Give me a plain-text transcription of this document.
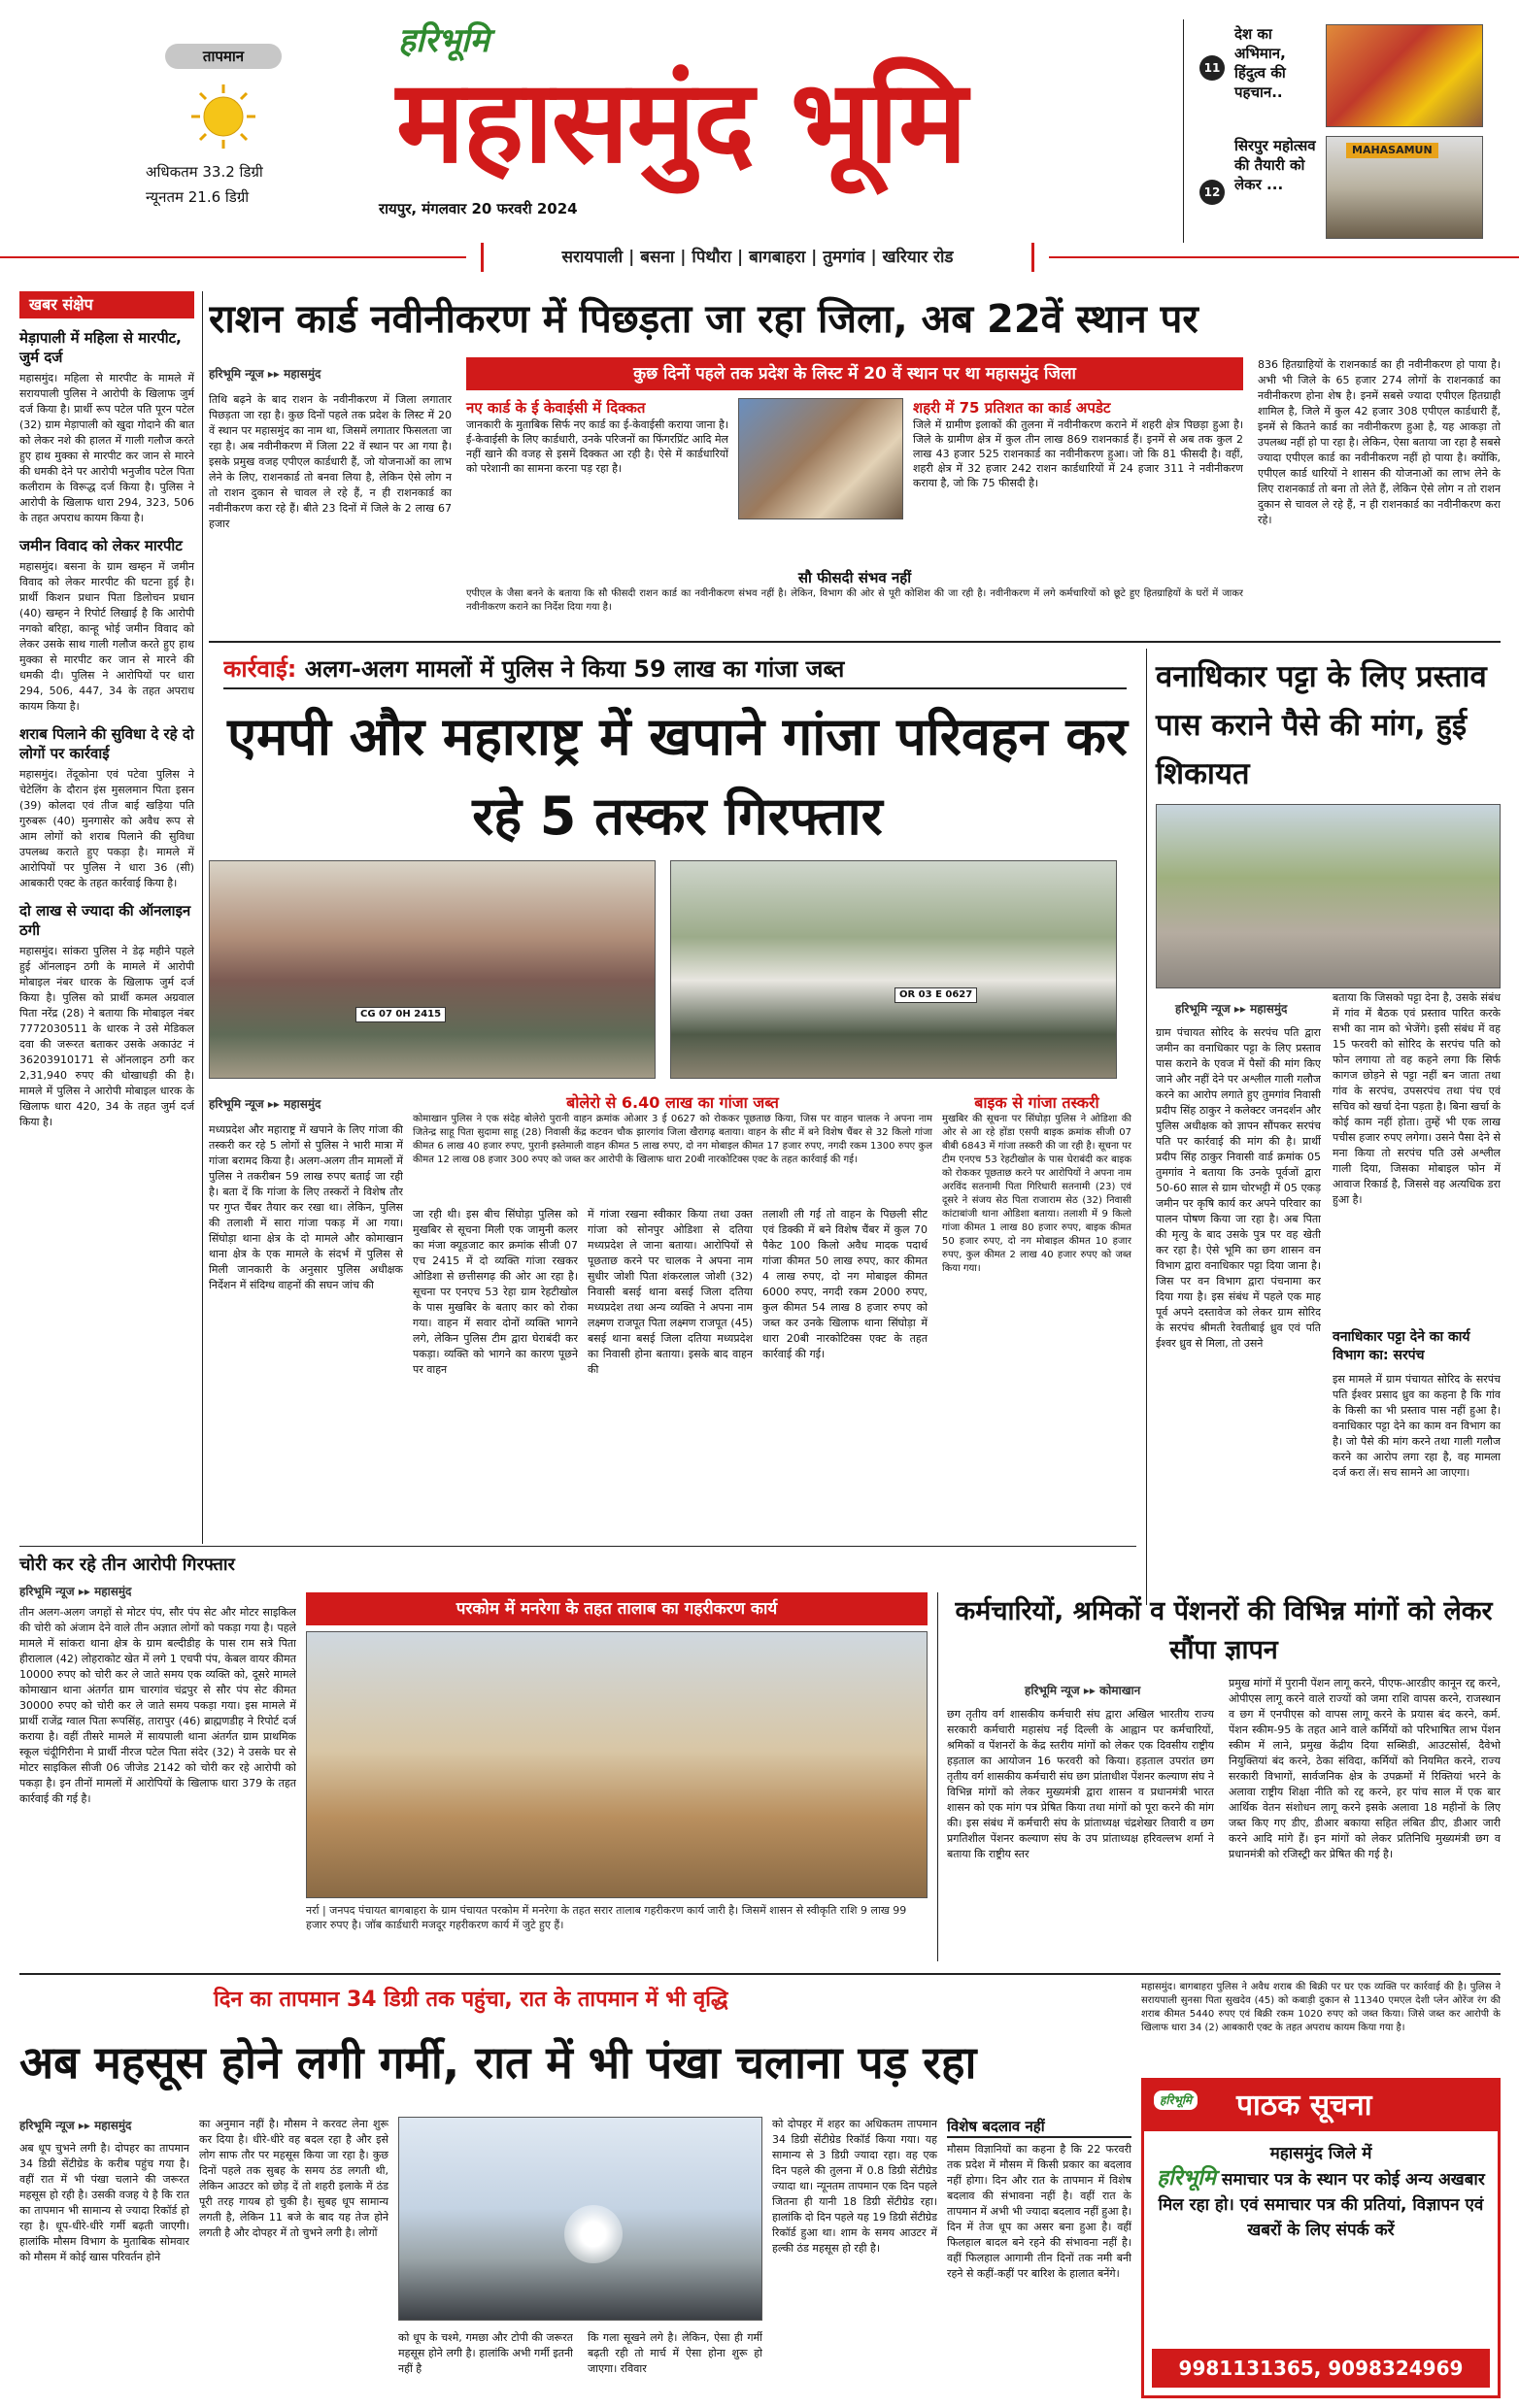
तापमान
अधिकतम 33.2 डिग्री
न्यूनतम 21.6 डिग्री
हरिभूमि
महासमुंद भूमि
रायपुर, मंगलवार 20 फरवरी 2024
11
देश का अभिमान, हिंदुत्व की पहचान..
12
सिरपुर महोत्सव की तैयारी को लेकर ...
MAHASAMUN
सरायपाली | बसना | पिथौरा | बागबाहरा | तुमगांव | खरियार रोड
खबर संक्षेप
मेड़ापाली में महिला से मारपीट, जुर्म दर्ज
महासमुंद। महिला से मारपीट के मामले में सरायपाली पुलिस ने आरोपी के खिलाफ जुर्म दर्ज किया है। प्रार्थी रूप पटेल पति पूरन पटेल (32) ग्राम मेड़ापाली को खुदा गोदाने की बात को लेकर नशे की हालत में गाली गलौज करते हुए हाथ मुक्का से मारपीट कर जान से मारने की धमकी देने पर आरोपी भनुजीव पटेल पिता कलीराम के विरूद्ध दर्ज किया है। पुलिस ने आरोपी के खिलाफ धारा 294, 323, 506 के तहत अपराध कायम किया है।
जमीन विवाद को लेकर मारपीट
महासमुंद। बसना के ग्राम खम्हन में जमीन विवाद को लेकर मारपीट की घटना हुई है। प्रार्थी किशन प्रधान पिता डिलोचन प्रधान (40) खम्हन ने रिपोर्ट लिखाई है कि आरोपी नगको बरिहा, कान्हू भोई जमीन विवाद को लेकर उसके साथ गाली गलौज करते हुए हाथ मुक्का से मारपीट कर जान से मारने की धमकी दी। पुलिस ने आरोपियों पर धारा 294, 506, 447, 34 के तहत अपराध कायम किया है।
शराब पिलाने की सुविधा दे रहे दो लोगों पर कार्रवाई
महासमुंद। तेंदूकोना एवं पटेवा पुलिस ने चेटेलिंग के दौरान इंस मुसलमान पिता इसन (39) कोलदा एवं तीज बाई खड़िया पति गुरुबरू (40) मुनगासेर को अवैध रूप से आम लोगों को शराब पिलाने की सुविधा उपलब्ध कराते हुए पकड़ा है। मामले में आरोपियों पर पुलिस ने धारा 36 (सी) आबकारी एक्ट के तहत कार्रवाई किया है।
दो लाख से ज्यादा की ऑनलाइन ठगी
महासमुंद। सांकरा पुलिस ने डेढ़ महीने पहले हुई ऑनलाइन ठगी के मामले में आरोपी मोबाइल नंबर धारक के खिलाफ जुर्म दर्ज किया है। पुलिस को प्रार्थी कमल अग्रवाल पिता नरेंद्र (28) ने बताया कि मोबाइल नंबर 7772030511 के धारक ने उसे मेडिकल दवा की जरूरत बताकर उसके अकाउंट नं 36203910171 से ऑनलाइन ठगी कर 2,31,940 रुपए की धोखाधड़ी की है। मामले में पुलिस ने आरोपी मोबाइल धारक के खिलाफ धारा 420, 34 के तहत जुर्म दर्ज किया है।
राशन कार्ड नवीनीकरण में पिछड़ता जा रहा जिला, अब 22वें स्थान पर
हरिभूमि न्यूज ▸▸ महासमुंद
तिथि बढ़ने के बाद राशन के नवीनीकरण में जिला लगातार पिछड़ता जा रहा है। कुछ दिनों पहले तक प्रदेश के लिस्ट में 20 वें स्थान पर महासमुंद का नाम था, जिसमें लगातार फिसलता जा रहा है। अब नवीनीकरण में जिला 22 वें स्थान पर आ गया है। इसके प्रमुख वजह एपीएल कार्डधारी हैं, जो योजनाओं का लाभ लेने के लिए, राशनकार्ड तो बनवा लिया है, लेकिन ऐसे लोग न तो राशन दुकान से चावल ले रहे हैं, न ही राशनकार्ड का नवीनीकरण करा रहे हैं। बीते 23 दिनों में जिले के 2 लाख 67 हजार
कुछ दिनों पहले तक प्रदेश के लिस्ट में 20 वें स्थान पर था महासमुंद जिला
नए कार्ड के ई केवाईसी में दिक्कत
जानकारी के मुताबिक सिर्फ नए कार्ड का ई-केवाईसी कराया जाना है। ई-केवाईसी के लिए कार्डधारी, उनके परिजनों का फिंगरप्रिंट आदि मेल नहीं खाने की वजह से इसमें दिक्कत आ रही है। ऐसे में कार्डधारियों को परेशानी का सामना करना पड़ रहा है।
शहरी में 75 प्रतिशत का कार्ड अपडेट
जिले में ग्रामीण इलाकों की तुलना में नवीनीकरण कराने में शहरी क्षेत्र पिछड़ा हुआ है। जिले के ग्रामीण क्षेत्र में कुल तीन लाख 869 राशनकार्ड हैं। इनमें से अब तक कुल 2 लाख 43 हजार 525 राशनकार्ड का नवीनीकरण हुआ। जो कि 81 फीसदी है। वहीं, शहरी क्षेत्र में 32 हजार 242 राशन कार्डधारियों में 24 हजार 311 ने नवीनीकरण कराया है, जो कि 75 फीसदी है।
सौ फीसदी संभव नहीं
एपीएल के जैसा बनने के बताया कि सौ फीसदी राशन कार्ड का नवीनीकरण संभव नहीं है। लेकिन, विभाग की ओर से पूरी कोशिश की जा रही है। नवीनीकरण में लगे कर्मचारियों को छूटे हुए हितग्राहियों के घरों में जाकर नवीनीकरण कराने का निर्देश दिया गया है।
836 हितग्राहियों के राशनकार्ड का ही नवीनीकरण हो पाया है। अभी भी जिले के 65 हजार 274 लोगों के राशनकार्ड का नवीनीकरण होना शेष है। इनमें सबसे ज्यादा एपीएल हितग्राही शामिल है, जिले में कुल 42 हजार 308 एपीएल कार्डधारी हैं, इनमें से कितने कार्ड का नवीनीकरण हुआ है, यह आकड़ा तो उपलब्ध नहीं हो पा रहा है। लेकिन, ऐसा बताया जा रहा है सबसे ज्यादा एपीएल कार्ड का नवीनीकरण नहीं हो पाया है। क्योंकि, एपीएल कार्ड धारियों ने शासन की योजनाओं का लाभ लेने के लिए राशनकार्ड तो बना तो लेते हैं, लेकिन ऐसे लोग न तो राशन दुकान से चावल ले रहे हैं, न ही राशनकार्ड का नवीनीकरण करा रहे।
कार्रवाई: अलग-अलग मामलों में पुलिस ने किया 59 लाख का गांजा जब्त
एमपी और महाराष्ट्र में खपाने गांजा परिवहन कर रहे 5 तस्कर गिरफ्तार
CG 07 0H 2415
OR 03 E 0627
हरिभूमि न्यूज ▸▸ महासमुंद
मध्यप्रदेश और महाराष्ट्र में खपाने के लिए गांजा की तस्करी कर रहे 5 लोगों से पुलिस ने भारी मात्रा में गांजा बरामद किया है। अलग-अलग तीन मामलों में पुलिस ने तकरीबन 59 लाख रुपए बताई जा रही है। बता दें कि गांजा के लिए तस्करों ने विशेष तौर पर गुप्त चैंबर तैयार कर रखा था। लेकिन, पुलिस की तलाशी में सारा गांजा पकड़ में आ गया। सिंघोड़ा थाना क्षेत्र के दो मामले और कोमाखान थाना क्षेत्र के एक मामले के संदर्भ में पुलिस से मिली जानकारी के अनुसार पुलिस अधीक्षक निर्देशन में संदिग्ध वाहनों की सघन जांच की
बोलेरो से 6.40 लाख का गांजा जब्त
कोमाखान पुलिस ने एक संदेह बोलेरो पुरानी वाहन क्रमांक ओआर 3 ई 0627 को रोककर पूछताछ किया, जिस पर वाहन चालक ने अपना नाम जितेन्द्र साहू पिता सुदामा साहू (28) निवासी केंद्र कटवन चौक झारगांव जिला खैरागढ़ बताया। वाहन के सीट में बने विशेष चैंबर से 32 किलो गांजा कीमत 6 लाख 40 हजार रुपए, पुरानी इस्तेमाली वाहन कीमत 5 लाख रुपए, दो नग मोबाइल कीमत 17 हजार रुपए, नगदी रकम 1300 रुपए कुल कीमत 12 लाख 08 हजार 300 रुपए को जब्त कर आरोपी के खिलाफ धारा 20बी नारकोटिक्स एक्ट के तहत कार्रवाई की गई।
जा रही थी। इस बीच सिंघोड़ा पुलिस को मुखबिर से सूचना मिली एक जामुनी कलर का मंजा क्यूडजाट कार क्रमांक सीजी 07 एच 2415 में दो व्यक्ति गांजा रखकर ओडिशा से छत्तीसगढ़ की ओर आ रहा है। सूचना पर एनएच 53 रेहा ग्राम रेहटीखोल के पास मुखबिर के बताए कार को रोका गया। वाहन में सवार दोनों व्यक्ति भागने लगे, लेकिन पुलिस टीम द्वारा घेराबंदी कर पकड़ा। व्यक्ति को भागने का कारण पूछने पर वाहन
में गांजा रखना स्वीकार किया तथा उक्त गांजा को सोनपुर ओडिशा से दतिया मध्यप्रदेश ले जाना बताया। आरोपियों से पूछताछ करने पर चालक ने अपना नाम सुधीर जोशी पिता शंकरलाल जोशी (32) निवासी बसई थाना बसई जिला दतिया मध्यप्रदेश तथा अन्य व्यक्ति ने अपना नाम लक्ष्मण राजपूत पिता लक्ष्मण राजपूत (45) बसई थाना बसई जिला दतिया मध्यप्रदेश का निवासी होना बताया। इसके बाद वाहन की
तलाशी ली गई तो वाहन के पिछली सीट एवं डिक्की में बने विशेष चैंबर में कुल 70 पैकेट 100 किलो अवैध मादक पदार्थ गांजा कीमत 50 लाख रुपए, कार कीमत 4 लाख रुपए, दो नग मोबाइल कीमत 6000 रुपए, नगदी रकम 2000 रुपए, कुल कीमत 54 लाख 8 हजार रुपए को जब्त कर उनके खिलाफ थाना सिंघोड़ा में धारा 20बी नारकोटिक्स एक्ट के तहत कार्रवाई की गई।
बाइक से गांजा तस्करी
मुखबिर की सूचना पर सिंघोड़ा पुलिस ने ओडिशा की ओर से आ रहे होंडा एसपी बाइक क्रमांक सीजी 07 बीबी 6843 में गांजा तस्करी की जा रही है। सूचना पर टीम एनएच 53 रेहटीखोल के पास घेराबंदी कर बाइक को रोककर पूछताछ करने पर आरोपियों ने अपना नाम अरविंद सतनामी पिता गिरिधारी सतनामी (23) एवं दूसरे ने संजय सेठ पिता राजाराम सेठ (32) निवासी कांटाबांजी थाना ओडिशा बताया। तलाशी में 9 किलो गांजा कीमत 1 लाख 80 हजार रुपए, बाइक कीमत 50 हजार रुपए, दो नग मोबाइल कीमत 10 हजार रुपए, कुल कीमत 2 लाख 40 हजार रुपए को जब्त किया गया।
वनाधिकार पट्टा के लिए प्रस्ताव पास कराने पैसे की मांग, हुई शिकायत
हरिभूमि न्यूज ▸▸ महासमुंद
ग्राम पंचायत सोरिद के सरपंच पति द्वारा जमीन का वनाधिकार पट्टा के लिए प्रस्ताव पास कराने के एवज में पैसों की मांग किए जाने और नहीं देने पर अश्लील गाली गलौज करने का आरोप लगाते हुए तुमगांव निवासी प्रदीप सिंह ठाकुर ने कलेक्टर जनदर्शन और पुलिस अधीक्षक को ज्ञापन सौंपकर सरपंच पति पर कार्रवाई की मांग की है। प्रार्थी प्रदीप सिंह ठाकुर निवासी वार्ड क्रमांक 05 तुमगांव ने बताया कि उनके पूर्वजों द्वारा 50-60 साल से ग्राम चोरभट्टी में 05 एकड़ जमीन पर कृषि कार्य कर अपने परिवार का पालन पोषण किया जा रहा है। अब पिता की मृत्यु के बाद उसके पुत्र पर वह खेती कर रहा है। ऐसे भूमि का छग शासन वन विभाग द्वारा वनाधिकार पट्टा दिया जाना है। जिस पर वन विभाग द्वारा पंचनामा कर दिया गया है। इस संबंध में पहले एक माह पूर्व अपने दस्तावेज को लेकर ग्राम सोरिद के सरपंच श्रीमती रेवतीबाई ध्रुव एवं पति ईश्वर ध्रुव से मिला, तो उसने
बताया कि जिसको पट्टा देना है, उसके संबंध में गांव में बैठक एवं प्रस्ताव पारित करके सभी का नाम को भेजेंगे। इसी संबंध में वह 15 फरवरी को सोरिद के सरपंच पति को फोन लगाया तो वह कहने लगा कि सिर्फ कागज छोड़ने से पट्टा नहीं बन जाता तथा गांव के सरपंच, उपसरपंच तथा पंच एवं सचिव को खर्चा देना पड़ता है। बिना खर्चा के कोई काम नहीं होता। तुम्हें भी एक लाख पचीस हजार रुपए लगेगा। उसने पैसा देने से मना किया तो सरपंच पति उसे अश्लील गाली दिया, जिसका मोबाइल फोन में आवाज रिकार्ड है, जिससे वह अत्यधिक डरा हुआ है।
वनाधिकार पट्टा देने का कार्य विभाग का: सरपंच
इस मामले में ग्राम पंचायत सोरिद के सरपंच पति ईश्वर प्रसाद ध्रुव का कहना है कि गांव के किसी का भी प्रस्ताव पास नहीं हुआ है। वनाधिकार पट्टा देने का काम वन विभाग का है। जो पैसे की मांग करने तथा गाली गलौज करने का आरोप लगा रहा है, वह मामला दर्ज करा लें। सच सामने आ जाएगा।
चोरी कर रहे तीन आरोपी गिरफ्तार
हरिभूमि न्यूज ▸▸ महासमुंद
तीन अलग-अलग जगहों से मोटर पंप, सौर पंप सेट और मोटर साइकिल की चोरी को अंजाम देने वाले तीन अज्ञात लोगों को पकड़ा गया है। पहले मामले में सांकरा थाना क्षेत्र के ग्राम बल्दीडीह के पास राम सत्रे पिता हीरालाल (42) लोहराकोट खेत में लगे 1 एचपी पंप, केबल वायर कीमत 10000 रुपए को चोरी कर ले जाते समय एक व्यक्ति को, दूसरे मामले कोमाखान थाना अंतर्गत ग्राम चारगांव चंद्रपुर से सौर पंप सेट कीमत 30000 रुपए को चोरी कर ले जाते समय पकड़ा गया। इस मामले में प्रार्थी राजेंद्र ग्वाल पिता रूपसिंह, तारापुर (46) ब्राह्मणडीह ने रिपोर्ट दर्ज कराया है। वहीं तीसरे मामले में सायपाली थाना अंतर्गत ग्राम प्राथमिक स्कूल चंदूीगिरीना मे प्रार्थी नीरज पटेल पिता संदेर (32) ने उसके घर से मोटर साइकिल सीजी 06 जीजेड 2142 को चोरी कर रहे आरोपी को पकड़ा है। इन तीनों मामलों में आरोपियों के खिलाफ धारा 379 के तहत कार्रवाई की गई है।
परकोम में मनरेगा के तहत तालाब का गहरीकरण कार्य
नर्रा | जनपद पंचायत बागबाहरा के ग्राम पंचायत परकोम में मनरेगा के तहत सरार तालाब गहरीकरण कार्य जारी है। जिसमें शासन से स्वीकृति राशि 9 लाख 99 हजार रुपए है। जॉब कार्डधारी मजदूर गहरीकरण कार्य में जुटे हुए हैं।
कर्मचारियों, श्रमिकों व पेंशनरों की विभिन्न मांगों को लेकर सौंपा ज्ञापन
हरिभूमि न्यूज ▸▸ कोमाखान
छग तृतीय वर्ग शासकीय कर्मचारी संघ द्वारा अखिल भारतीय राज्य सरकारी कर्मचारी महासंघ नई दिल्ली के आह्वान पर कर्मचारियों, श्रमिकों व पेंशनरों के केंद्र स्तरीय मांगों को लेकर एक दिवसीय राष्ट्रीय हड़ताल का आयोजन 16 फरवरी को किया। हड़ताल उपरांत छग तृतीय वर्ग शासकीय कर्मचारी संघ छग प्रांताधीश पेंशनर कल्याण संघ ने विभिन्न मांगों को लेकर मुख्यमंत्री द्वारा शासन व प्रधानमंत्री भारत शासन को एक मांग पत्र प्रेषित किया तथा मांगों को पूरा करने की मांग की। इस संबंध में कर्मचारी संघ के प्रांताध्यक्ष चंद्रशेखर तिवारी व छग प्रगतिशील पेंशनर कल्याण संघ के उप प्रांताध्यक्ष हरिवल्लभ शर्मा ने बताया कि राष्ट्रीय स्तर
प्रमुख मांगों में पुरानी पेंशन लागू करने, पीएफ-आरडीए कानून रद्द करने, ओपीएस लागू करने वाले राज्यों को जमा राशि वापस करने, राजस्थान व छग में एनपीएस को वापस लागू करने के प्रयास बंद करने, कर्म. पेंशन स्कीम-95 के तहत आने वाले कर्मियों को परिभाषित लाभ पेंशन स्कीम में लाने, प्रमुख केंद्रीय दिया सब्सिडी, आउटसोर्स, दैवेभो नियुक्तियां बंद करने, ठेका संविदा, कर्मियों को नियमित करने, राज्य सरकारी विभागों, सार्वजनिक क्षेत्र के उपक्रमों में रिक्तियां भरने के अलावा राष्ट्रीय शिक्षा नीति को रद्द करने, हर पांच साल में एक बार आर्थिक वेतन संशोधन लागू करने इसके अलावा 18 महीनों के लिए जब्त किए गए डीए, डीआर बकाया सहित लंबित डीए, डीआर जारी करने आदि मांगे हैं। इन मांगों को लेकर प्रतिनिधि मुख्यमंत्री छग व प्रधानमंत्री को रजिस्ट्री कर प्रेषित की गई है।
महासमुंद। बागबाहरा पुलिस ने अवैध शराब की बिक्री पर घर एक व्यक्ति पर कार्रवाई की है। पुलिस ने सरायपाली सुनसा पिता सुखदेव (45) को कबाड़ी दुकान से 11340 एमएल देशी प्लेन ओरेंज रंग की शराब कीमत 5440 रुपए एवं बिक्री रकम 1020 रुपए को जब्त किया। जिसे जब्त कर आरोपी के खिलाफ धारा 34 (2) आबकारी एक्ट के तहत अपराध कायम किया गया है।
दिन का तापमान 34 डिग्री तक पहुंचा, रात के तापमान में भी वृद्धि
अब महसूस होने लगी गर्मी, रात में भी पंखा चलाना पड़ रहा
हरिभूमि न्यूज ▸▸ महासमुंद
अब धूप चुभने लगी है। दोपहर का तापमान 34 डिग्री सेंटीग्रेड के करीब पहुंच गया है। वहीं रात में भी पंखा चलाने की जरूरत महसूस हो रही है। उसकी वजह ये है कि रात का तापमान भी सामान्य से ज्यादा रिकॉर्ड हो रहा है। धूप-धीरे-धीरे गर्मी बढ़ती जाएगी। हालांकि मौसम विभाग के मुताबिक सोमवार को मौसम में कोई खास परिवर्तन होने
का अनुमान नहीं है। मौसम ने करवट लेना शुरू कर दिया है। धीरे-धीरे वह बदल रहा है और इसे लोग साफ तौर पर महसूस किया जा रहा है। कुछ दिनों पहले तक सुबह के समय ठंड लगती थी, लेकिन आउटर को छोड़ दें तो शहरी इलाके में ठंड पूरी तरह गायब हो चुकी है। सुबह धूप सामान्य लगती है, लेकिन 11 बजे के बाद यह तेज होने लगती है और दोपहर में तो चुभने लगी है। लोगों
को धूप के चश्मे, गमछा और टोपी की जरूरत महसूस होने लगी है। हालांकि अभी गर्मी इतनी नहीं है
कि गला सूखने लगे है। लेकिन, ऐसा ही गर्मी बढ़ती रही तो मार्च में ऐसा होना शुरू हो जाएगा। रविवार
को दोपहर में शहर का अधिकतम तापमान 34 डिग्री सेंटीग्रेड रिकॉर्ड किया गया। यह सामान्य से 3 डिग्री ज्यादा रहा। वह एक दिन पहले की तुलना में 0.8 डिग्री सेंटीग्रेड ज्यादा था। न्यूनतम तापमान एक दिन पहले जितना ही यानी 18 डिग्री सेंटीग्रेड रहा। हालांकि दो दिन पहले यह 19 डिग्री सेंटीग्रेड रिकॉर्ड हुआ था। शाम के समय आउटर में हल्की ठंड महसूस हो रही है।
विशेष बदलाव नहीं
मौसम विज्ञानियों का कहना है कि 22 फरवरी तक प्रदेश में मौसम में किसी प्रकार का बदलाव नहीं होगा। दिन और रात के तापमान में विशेष बदलाव की संभावना नहीं है। वहीं रात के तापमान में अभी भी ज्यादा बदलाव नहीं हुआ है। दिन में तेज धूप का असर बना हुआ है। वहीं फिलहाल बादल बने रहने की संभावना नहीं है। वहीं फिलहाल आगामी तीन दिनों तक नमी बनी रहने से कहीं-कहीं पर बारिश के हालात बनेंगे।
हरिभूमि पाठक सूचना
महासमुंद जिले में
हरिभूमि समाचार पत्र के स्थान पर कोई अन्य अखबार मिल रहा हो। एवं समाचार पत्र की प्रतियां, विज्ञापन एवं खबरों के लिए संपर्क करें
9981131365, 9098324969
